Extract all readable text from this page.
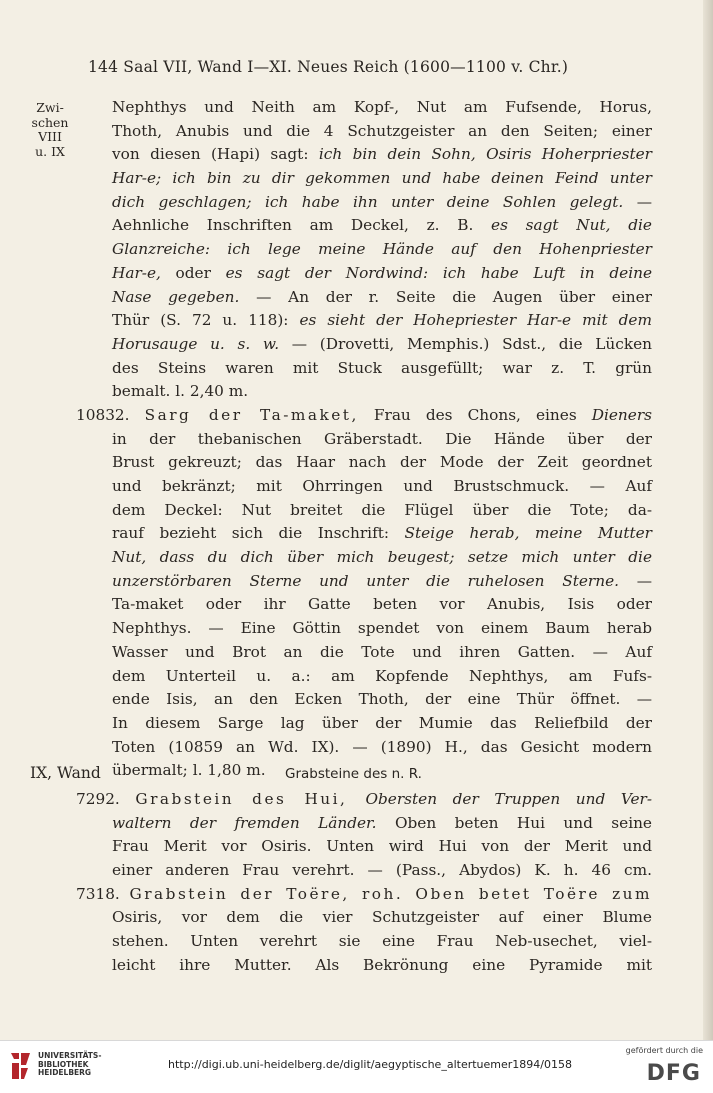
144 Saal VII, Wand I—XI. Neues Reich (1600—1100 v. Chr.)
Zwi-
schen
VIII
u. IX
Nephthys und Neith am Kopf-, Nut am Fufsende, Horus,
Thoth, Anubis und die 4 Schutzgeister an den Seiten; einer
von diesen (Hapi) sagt: ich bin dein Sohn, Osiris Hoherpriester
Har-e; ich bin zu dir gekommen und habe deinen Feind unter
dich geschlagen; ich habe ihn unter deine Sohlen gelegt. —
Aehnliche Inschriften am Deckel, z. B. es sagt Nut, die
Glanzreiche: ich lege meine Hände auf den Hohenpriester
Har-e, oder es sagt der Nordwind: ich habe Luft in deine
Nase gegeben. — An der r. Seite die Augen über einer
Thür (S. 72 u. 118): es sieht der Hohepriester Har-e mit dem
Horusauge u. s. w. — (Drovetti, Memphis.) Sdst., die Lücken
des Steins waren mit Stuck ausgefüllt; war z. T. grün
bemalt. l. 2,40 m.
10832. Sarg der Ta-maket, Frau des Chons, eines Dieners
in der thebanischen Gräberstadt. Die Hände über der
Brust gekreuzt; das Haar nach der Mode der Zeit geordnet
und bekränzt; mit Ohrringen und Brustschmuck. — Auf
dem Deckel: Nut breitet die Flügel über die Tote; da-
rauf bezieht sich die Inschrift: Steige herab, meine Mutter
Nut, dass du dich über mich beugest; setze mich unter die
unzerstörbaren Sterne und unter die ruhelosen Sterne. —
Ta-maket oder ihr Gatte beten vor Anubis, Isis oder
Nephthys. — Eine Göttin spendet von einem Baum herab
Wasser und Brot an die Tote und ihren Gatten. — Auf
dem Unterteil u. a.: am Kopfende Nephthys, am Fufs-
ende Isis, an den Ecken Thoth, der eine Thür öffnet. —
In diesem Sarge lag über der Mumie das Reliefbild der
Toten (10859 an Wd. IX). — (1890) H., das Gesicht modern
übermalt; l. 1,80 m.
IX, Wand	Grabsteine des n. R.
7292. Grabstein des Hui, Obersten der Truppen und Ver-
waltern der fremden Länder. Oben beten Hui und seine
Frau Merit vor Osiris. Unten wird Hui von der Merit und
einer anderen Frau verehrt. — (Pass., Abydos) K. h. 46 cm.
7318. Grabstein der Toëre, roh. Oben betet Toëre zum
Osiris, vor dem die vier Schutzgeister auf einer Blume
stehen. Unten verehrt sie eine Frau Neb-usechet, viel-
leicht ihre Mutter. Als Bekrönung eine Pyramide mit
UNIVERSITÄTS-
BIBLIOTHEK
HEIDELBERG
http://digi.ub.uni-heidelberg.de/diglit/aegyptische_altertuemer1894/0158
gefördert durch die
DFG
